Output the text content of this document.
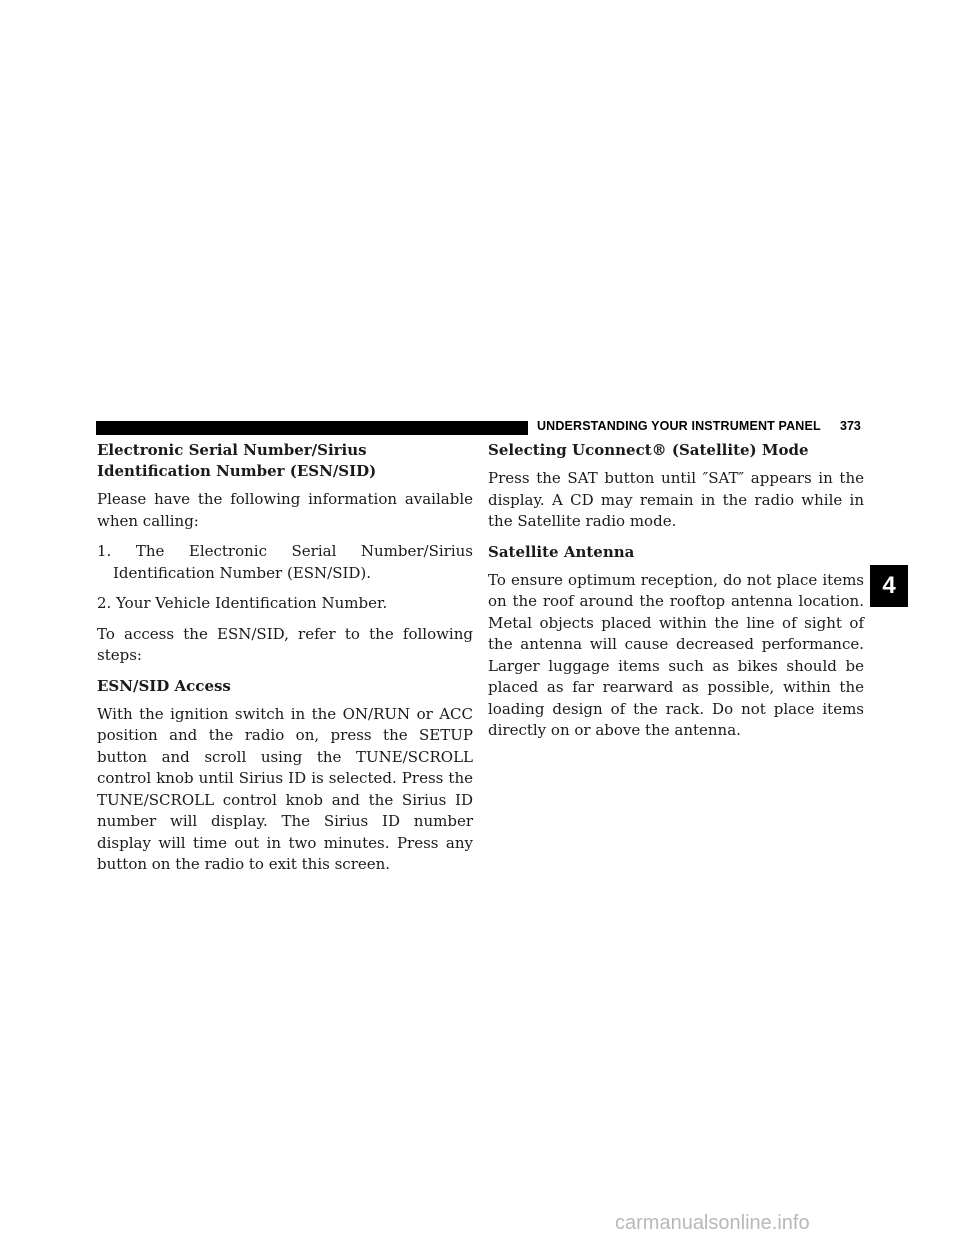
UNDERSTANDING YOUR INSTRUMENT PANEL 373
Electronic Serial Number/Sirius Identification Number (ESN/SID)

Please have the following information available when calling:

1. The Electronic Serial Number/Sirius Identification Number (ESN/SID).
2. Your Vehicle Identification Number.

To access the ESN/SID, refer to the following steps:

ESN/SID Access

With the ignition switch in the ON/RUN or ACC position and the radio on, press the SETUP button and scroll using the TUNE/SCROLL control knob until Sirius ID is selected. Press the TUNE/SCROLL control knob and the Sirius ID number will display. The Sirius ID number display will time out in two minutes. Press any button on the radio to exit this screen.

Selecting Uconnect® (Satellite) Mode

Press the SAT button until ″SAT″ appears in the display. A CD may remain in the radio while in the Satellite radio mode.

Satellite Antenna

To ensure optimum reception, do not place items on the roof around the rooftop antenna location. Metal objects placed within the line of sight of the antenna will cause decreased performance. Larger luggage items such as bikes should be placed as far rearward as possible, within the loading design of the rack. Do not place items directly on or above the antenna.

4
carmanualsonline.info
